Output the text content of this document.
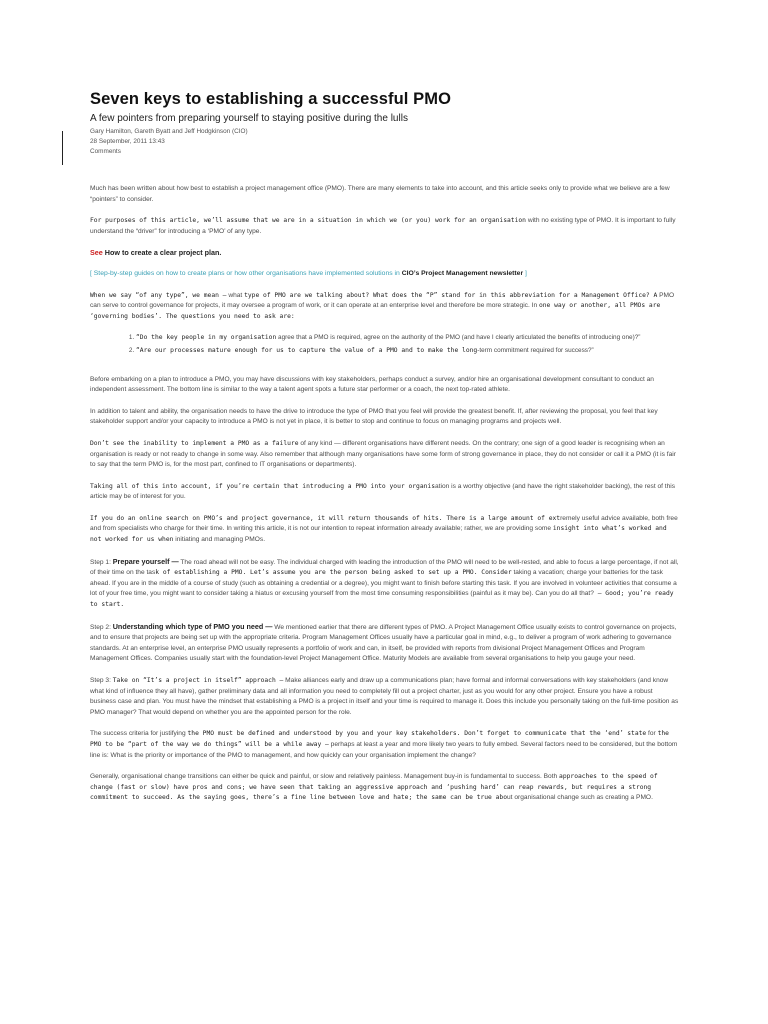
Seven keys to establishing a successful PMO
A few pointers from preparing yourself to staying positive during the lulls
Gary Hamilton, Gareth Byatt and Jeff Hodgkinson (CIO)
28 September, 2011 13:43
Comments

Much has been written about how best to establish a project management office (PMO). There are many elements to take into account, and this article seeks only to provide what we believe are a few “pointers” to consider.

For purposes of this article, we’ll assume that we are in a situation in which we (or you) work for an organisation with no existing type of PMO. It is important to fully understand the “driver” for introducing a ‘PMO’ of any type.

See How to create a clear project plan.

[ Step-by-step guides on how to create plans or how other organisations have implemented solutions in CIO’s Project Management newsletter ]

When we say “of any type”, we mean — what type of PMO are we talking about? What does the “P” stand for in this abbreviation for a Management Office? A PMO can serve to control governance for projects, it may oversee a program of work, or it can operate at an enterprise level and therefore be more strategic. In one way or another, all PMOs are ‘governing bodies’. The questions you need to ask are:

1. “Do the key people in my organisation agree that a PMO is required, agree on the authority of the PMO (and have I clearly articulated the benefits of introducing one)?”
2. “Are our processes mature enough for us to capture the value of a PMO and to make the long-term commitment required for success?”

Before embarking on a plan to introduce a PMO, you may have discussions with key stakeholders, perhaps conduct a survey, and/or hire an organisational development consultant to conduct an independent assessment. The bottom line is similar to the way a talent agent spots a future star performer or a coach, the next top-rated athlete.

In addition to talent and ability, the organisation needs to have the drive to introduce the type of PMO that you feel will provide the greatest benefit. If, after reviewing the proposal, you feel that key stakeholder support and/or your capacity to introduce a PMO is not yet in place, it is better to stop and continue to focus on managing programs and projects well.

Don’t see the inability to implement a PMO as a failure of any kind — different organisations have different needs. On the contrary; one sign of a good leader is recognising when an organisation is ready or not ready to change in some way. Also remember that although many organisations have some form of strong governance in place, they do not consider or call it a PMO (it is fair to say that the term PMO is, for the most part, confined to IT organisations or departments).

Taking all of this into account, if you’re certain that introducing a PMO into your organisation is a worthy objective (and have the right stakeholder backing), the rest of this article may be of interest for you.

If you do an online search on PMO’s and project governance, it will return thousands of hits. There is a large amount of extremely useful advice available, both free and from specialists who charge for their time. In writing this article, it is not our intention to repeat information already available; rather, we are providing some insight into what’s worked and not worked for us when initiating and managing PMOs.

Step 1: Prepare yourself — The road ahead will not be easy. The individual charged with leading the introduction of the PMO will need to be well-rested, and able to focus a large percentage, if not all, of their time on the task of establishing a PMO. Let’s assume you are the person being asked to set up a PMO. Consider taking a vacation; charge your batteries for the task ahead. If you are in the middle of a course of study (such as obtaining a credential or a degree), you might want to finish before starting this task. If you are involved in volunteer activities that consume a lot of your free time, you might want to consider taking a hiatus or excusing yourself from the most time consuming responsibilities (painful as it may be). Can you do all that? — Good; you’re ready to start.

Step 2: Understanding which type of PMO you need — We mentioned earlier that there are different types of PMO. A Project Management Office usually exists to control governance on projects, and to ensure that projects are being set up with the appropriate criteria. Program Management Offices usually have a particular goal in mind, e.g., to deliver a program of work adhering to governance standards. At an enterprise level, an enterprise PMO usually represents a portfolio of work and can, in itself, be provided with reports from divisional Project Management Offices and Program Management Offices. Companies usually start with the foundation-level Project Management Office. Maturity Models are available from several organisations to help you gauge your need.

Step 3: Take on “It’s a project in itself” approach — Make alliances early and draw up a communications plan; have formal and informal conversations with key stakeholders (and know what kind of influence they all have), gather preliminary data and all information you need to completely fill out a project charter, just as you would for any other project. Ensure you have a robust business case and plan. You must have the mindset that establishing a PMO is a project in itself and your time is required to manage it. Does this include you personally taking on the full-time position as PMO manager? That would depend on whether you are the appointed person for the role.

The success criteria for justifying the PMO must be defined and understood by you and your key stakeholders. Don’t forget to communicate that the ‘end’ state for the PMO to be “part of the way we do things” will be a while away — perhaps at least a year and more likely two years to fully embed. Several factors need to be considered, but the bottom line is: What is the priority or importance of the PMO to management, and how quickly can your organisation implement the change?

Generally, organisational change transitions can either be quick and painful, or slow and relatively painless. Management buy-in is fundamental to success. Both approaches to the speed of change (fast or slow) have pros and cons; we have seen that taking an aggressive approach and ‘pushing hard’ can reap rewards, but requires a strong commitment to succeed. As the saying goes, there’s a fine line between love and hate; the same can be true about organisational change such as creating a PMO.
